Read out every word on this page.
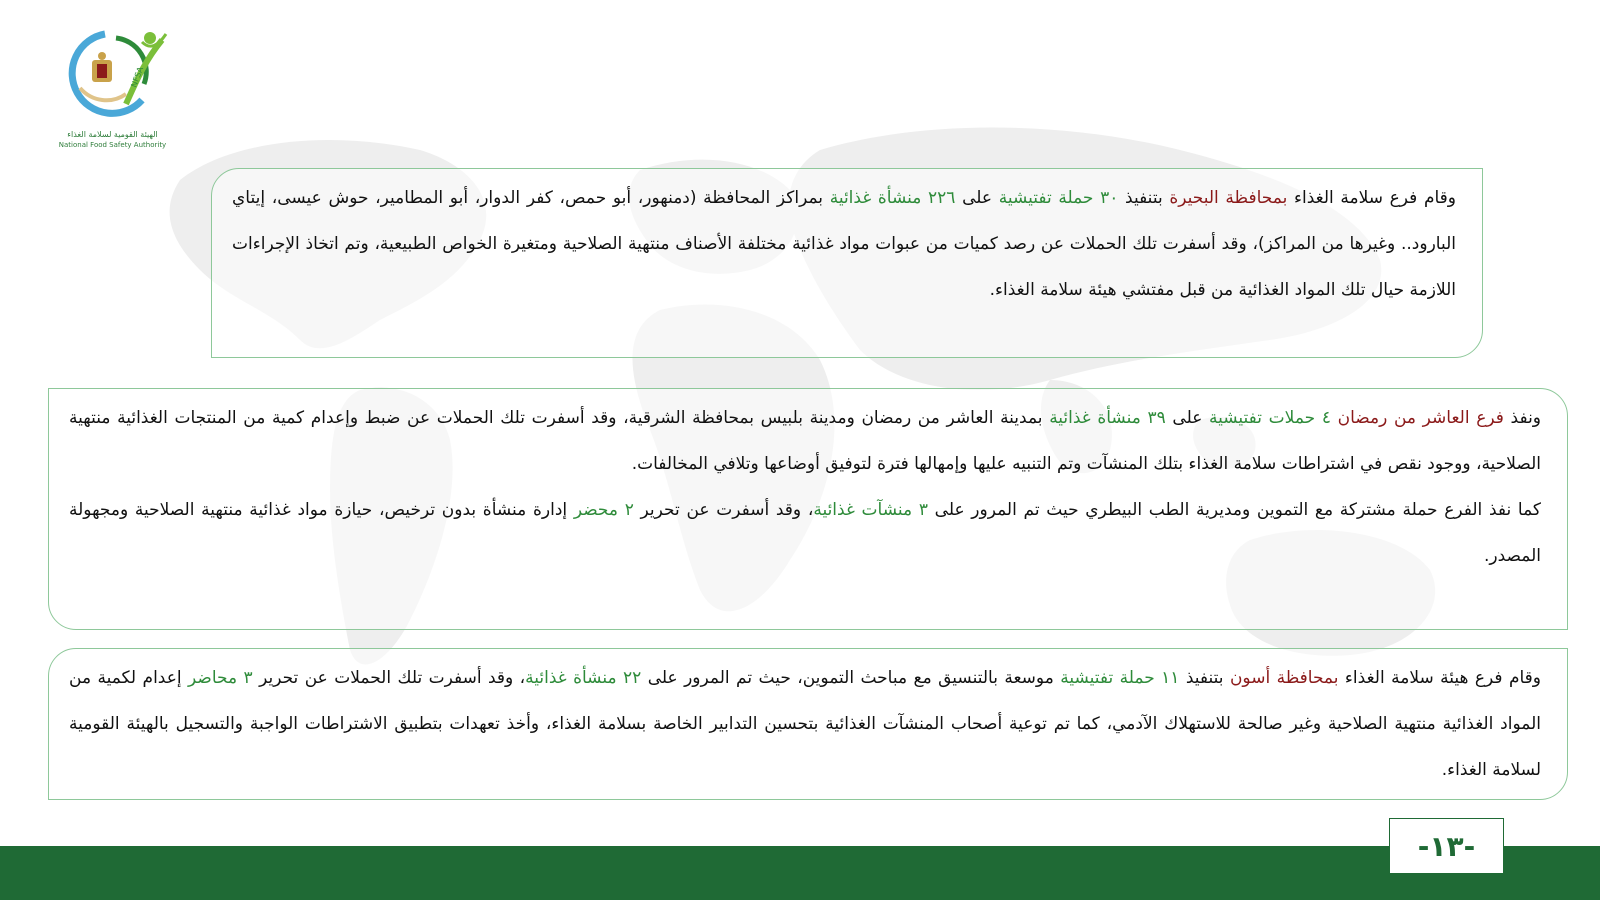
NFSA
الهيئة القومية لسلامة الغذاء
National Food Safety Authority

وقام فرع سلامة الغذاء بمحافظة البحيرة بتنفيذ ٣٠ حملة تفتيشية على ٢٢٦ منشأة غذائية بمراكز المحافظة (دمنهور، أبو حمص، كفر الدوار، أبو المطامير، حوش عيسى، إيتاي البارود.. وغيرها من المراكز)، وقد أسفرت تلك الحملات عن رصد كميات من عبوات مواد غذائية مختلفة الأصناف منتهية الصلاحية ومتغيرة الخواص الطبيعية، وتم اتخاذ الإجراءات اللازمة حيال تلك المواد الغذائية من قبل مفتشي هيئة سلامة الغذاء.

ونفذ فرع العاشر من رمضان ٤ حملات تفتيشية على ٣٩ منشأة غذائية بمدينة العاشر من رمضان ومدينة بلبيس بمحافظة الشرقية، وقد أسفرت تلك الحملات عن ضبط وإعدام كمية من المنتجات الغذائية منتهية الصلاحية، ووجود نقص في اشتراطات سلامة الغذاء بتلك المنشآت وتم التنبيه عليها وإمهالها فترة لتوفيق أوضاعها وتلافي المخالفات.

كما نفذ الفرع حملة مشتركة مع التموين ومديرية الطب البيطري حيث تم المرور على ٣ منشآت غذائية، وقد أسفرت عن تحرير ٢ محضر إدارة منشأة بدون ترخيص، حيازة مواد غذائية منتهية الصلاحية ومجهولة المصدر.

وقام فرع هيئة سلامة الغذاء بمحافظة أسون بتنفيذ ١١ حملة تفتيشية موسعة بالتنسيق مع مباحث التموين، حيث تم المرور على ٢٢ منشأة غذائية، وقد أسفرت تلك الحملات عن تحرير ٣ محاضر إعدام لكمية من المواد الغذائية منتهية الصلاحية وغير صالحة للاستهلاك الآدمي، كما تم توعية أصحاب المنشآت الغذائية بتحسين التدابير الخاصة بسلامة الغذاء، وأخذ تعهدات بتطبيق الاشتراطات الواجبة والتسجيل بالهيئة القومية لسلامة الغذاء.

-١٣-
